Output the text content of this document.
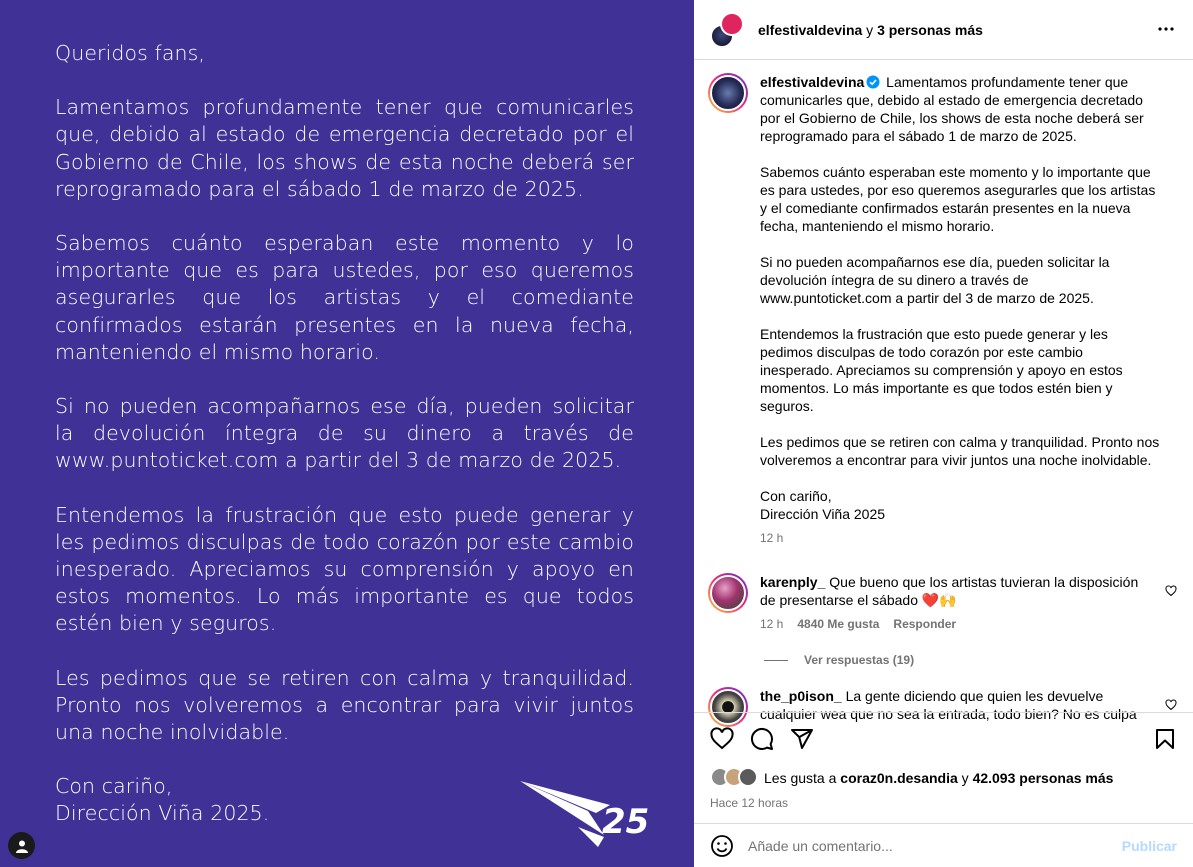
Queridos fans,

Lamentamos profundamente tener que comunicarles que, debido al estado de emergencia decretado por el Gobierno de Chile, los shows de esta noche deberá ser reprogramado para el sábado 1 de marzo de 2025.

Sabemos cuánto esperaban este momento y lo importante que es para ustedes, por eso queremos asegurarles que los artistas y el comediante confirmados estarán presentes en la nueva fecha, manteniendo el mismo horario.

Si no pueden acompañarnos ese día, pueden solicitar la devolución íntegra de su dinero a través de www.puntoticket.com a partir del 3 de marzo de 2025.

Entendemos la frustración que esto puede generar y les pedimos disculpas de todo corazón por este cambio inesperado. Apreciamos su comprensión y apoyo en estos momentos. Lo más importante es que todos estén bien y seguros.

Les pedimos que se retiren con calma y tranquilidad. Pronto nos volveremos a encontrar para vivir juntos una noche inolvidable.

Con cariño,
Dirección Viña 2025.	25
elfestivaldevina y 3 personas más

elfestivaldevina Lamentamos profundamente tener que comunicarles que, debido al estado de emergencia decretado por el Gobierno de Chile, los shows de esta noche deberá ser reprogramado para el sábado 1 de marzo de 2025.

Sabemos cuánto esperaban este momento y lo importante que es para ustedes, por eso queremos asegurarles que los artistas y el comediante confirmados estarán presentes en la nueva fecha, manteniendo el mismo horario.

Si no pueden acompañarnos ese día, pueden solicitar la devolución íntegra de su dinero a través de www.puntoticket.com a partir del 3 de marzo de 2025.

Entendemos la frustración que esto puede generar y les pedimos disculpas de todo corazón por este cambio inesperado. Apreciamos su comprensión y apoyo en estos momentos. Lo más importante es que todos estén bien y seguros.

Les pedimos que se retiren con calma y tranquilidad. Pronto nos volveremos a encontrar para vivir juntos una noche inolvidable.

Con cariño,
Dirección Viña 2025

12 h
karenply_ Que bueno que los artistas tuvieran la disposición de presentarse el sábado ❤️🙌
12 h 4840 Me gusta Responder
Ver respuestas (19)
the_p0ison_ La gente diciendo que quien les devuelve cualquier wea que no sea la entrada, todo bien? No es culpa
Les gusta a
coraz0n.desandia
y
42.093 personas más
Hace 12 horas
Añade un comentario...
Publicar
